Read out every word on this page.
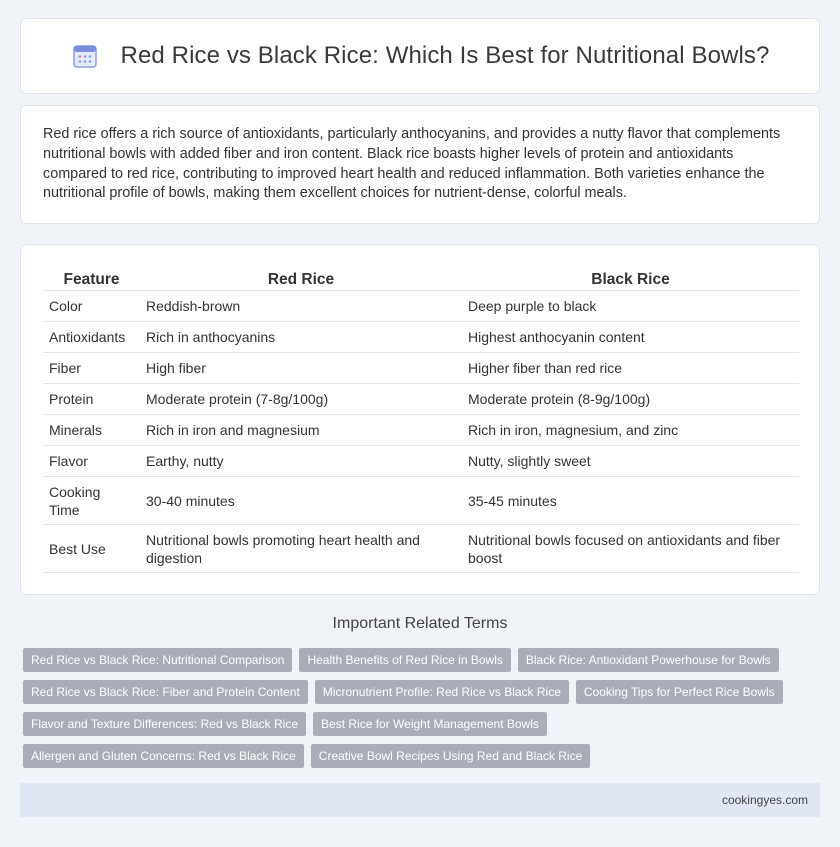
Red Rice vs Black Rice: Which Is Best for Nutritional Bowls?

Red rice offers a rich source of antioxidants, particularly anthocyanins, and provides a nutty flavor that complements nutritional bowls with added fiber and iron content. Black rice boasts higher levels of protein and antioxidants compared to red rice, contributing to improved heart health and reduced inflammation. Both varieties enhance the nutritional profile of bowls, making them excellent choices for nutrient-dense, colorful meals.

Feature	Red Rice	Black Rice
Color	Reddish-brown	Deep purple to black
Antioxidants	Rich in anthocyanins	Highest anthocyanin content
Fiber	High fiber	Higher fiber than red rice
Protein	Moderate protein (7-8g/100g)	Moderate protein (8-9g/100g)
Minerals	Rich in iron and magnesium	Rich in iron, magnesium, and zinc
Flavor	Earthy, nutty	Nutty, slightly sweet
Cooking Time	30-40 minutes	35-45 minutes
Best Use	Nutritional bowls promoting heart health and digestion	Nutritional bowls focused on antioxidants and fiber boost
Important Related Terms
Red Rice vs Black Rice: Nutritional Comparison	Health Benefits of Red Rice in Bowls	Black Rice: Antioxidant Powerhouse for Bowls
Red Rice vs Black Rice: Fiber and Protein Content	Micronutrient Profile: Red Rice vs Black Rice	Cooking Tips for Perfect Rice Bowls
Flavor and Texture Differences: Red vs Black Rice	Best Rice for Weight Management Bowls
Allergen and Gluten Concerns: Red vs Black Rice	Creative Bowl Recipes Using Red and Black Rice
cookingyes.com
